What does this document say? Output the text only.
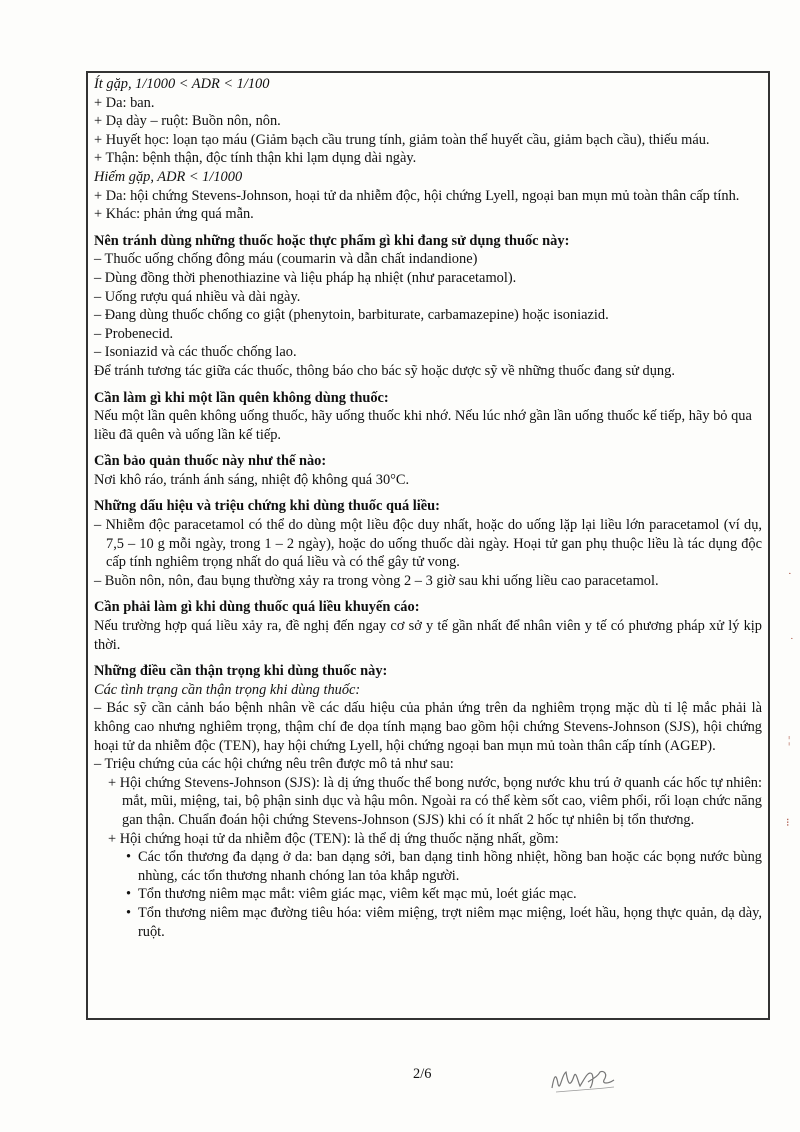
Ít gặp, 1/1000 < ADR < 1/100

+ Da: ban.

+ Dạ dày – ruột: Buồn nôn, nôn.

+ Huyết học: loạn tạo máu (Giảm bạch cầu trung tính, giảm toàn thể huyết cầu, giảm bạch cầu), thiếu máu.

+ Thận: bệnh thận, độc tính thận khi lạm dụng dài ngày.

Hiếm gặp, ADR < 1/1000

+ Da: hội chứng Stevens-Johnson, hoại tử da nhiễm độc, hội chứng Lyell, ngoại ban mụn mủ toàn thân cấp tính.

+ Khác: phản ứng quá mẫn.

Nên tránh dùng những thuốc hoặc thực phẩm gì khi đang sử dụng thuốc này:

– Thuốc uống chống đông máu (coumarin và dẫn chất indandione)

– Dùng đồng thời phenothiazine và liệu pháp hạ nhiệt (như paracetamol).

– Uống rượu quá nhiều và dài ngày.

– Đang dùng thuốc chống co giật (phenytoin, barbiturate, carbamazepine) hoặc isoniazid.

– Probenecid.

– Isoniazid và các thuốc chống lao.

Để tránh tương tác giữa các thuốc, thông báo cho bác sỹ hoặc dược sỹ về những thuốc đang sử dụng.

Cần làm gì khi một lần quên không dùng thuốc:

Nếu một lần quên không uống thuốc, hãy uống thuốc khi nhớ. Nếu lúc nhớ gần lần uống thuốc kế tiếp, hãy bỏ qua liều đã quên và uống lần kế tiếp.

Cần bảo quản thuốc này như thế nào:

Nơi khô ráo, tránh ánh sáng, nhiệt độ không quá 30°C.

Những dấu hiệu và triệu chứng khi dùng thuốc quá liều:

– Nhiễm độc paracetamol có thể do dùng một liều độc duy nhất, hoặc do uống lặp lại liều lớn paracetamol (ví dụ, 7,5 – 10 g mỗi ngày, trong 1 – 2 ngày), hoặc do uống thuốc dài ngày. Hoại tử gan phụ thuộc liều là tác dụng độc cấp tính nghiêm trọng nhất do quá liều và có thể gây tử vong.

– Buồn nôn, nôn, đau bụng thường xảy ra trong vòng 2 – 3 giờ sau khi uống liều cao paracetamol.

Cần phải làm gì khi dùng thuốc quá liều khuyến cáo:

Nếu trường hợp quá liều xảy ra, đề nghị đến ngay cơ sở y tế gần nhất để nhân viên y tế có phương pháp xử lý kịp thời.

Những điều cần thận trọng khi dùng thuốc này:

Các tình trạng cần thận trọng khi dùng thuốc:

– Bác sỹ cần cảnh báo bệnh nhân về các dấu hiệu của phản ứng trên da nghiêm trọng mặc dù tỉ lệ mắc phải là không cao nhưng nghiêm trọng, thậm chí đe dọa tính mạng bao gồm hội chứng Stevens-Johnson (SJS), hội chứng hoại tử da nhiễm độc (TEN), hay hội chứng Lyell, hội chứng ngoại ban mụn mủ toàn thân cấp tính (AGEP).

– Triệu chứng của các hội chứng nêu trên được mô tả như sau:

+ Hội chứng Stevens-Johnson (SJS): là dị ứng thuốc thể bong nước, bọng nước khu trú ở quanh các hốc tự nhiên: mắt, mũi, miệng, tai, bộ phận sinh dục và hậu môn. Ngoài ra có thể kèm sốt cao, viêm phổi, rối loạn chức năng gan thận. Chuẩn đoán hội chứng Stevens-Johnson (SJS) khi có ít nhất 2 hốc tự nhiên bị tổn thương.

+ Hội chứng hoại tử da nhiễm độc (TEN): là thể dị ứng thuốc nặng nhất, gồm:

• Các tổn thương đa dạng ở da: ban dạng sởi, ban dạng tinh hồng nhiệt, hồng ban hoặc các bọng nước bùng nhùng, các tổn thương nhanh chóng lan tỏa khắp người.

• Tổn thương niêm mạc mắt: viêm giác mạc, viêm kết mạc mủ, loét giác mạc.

• Tổn thương niêm mạc đường tiêu hóa: viêm miệng, trợt niêm mạc miệng, loét hầu, họng thực quản, dạ dày, ruột.

2/6
·
˙
¦
⁝
